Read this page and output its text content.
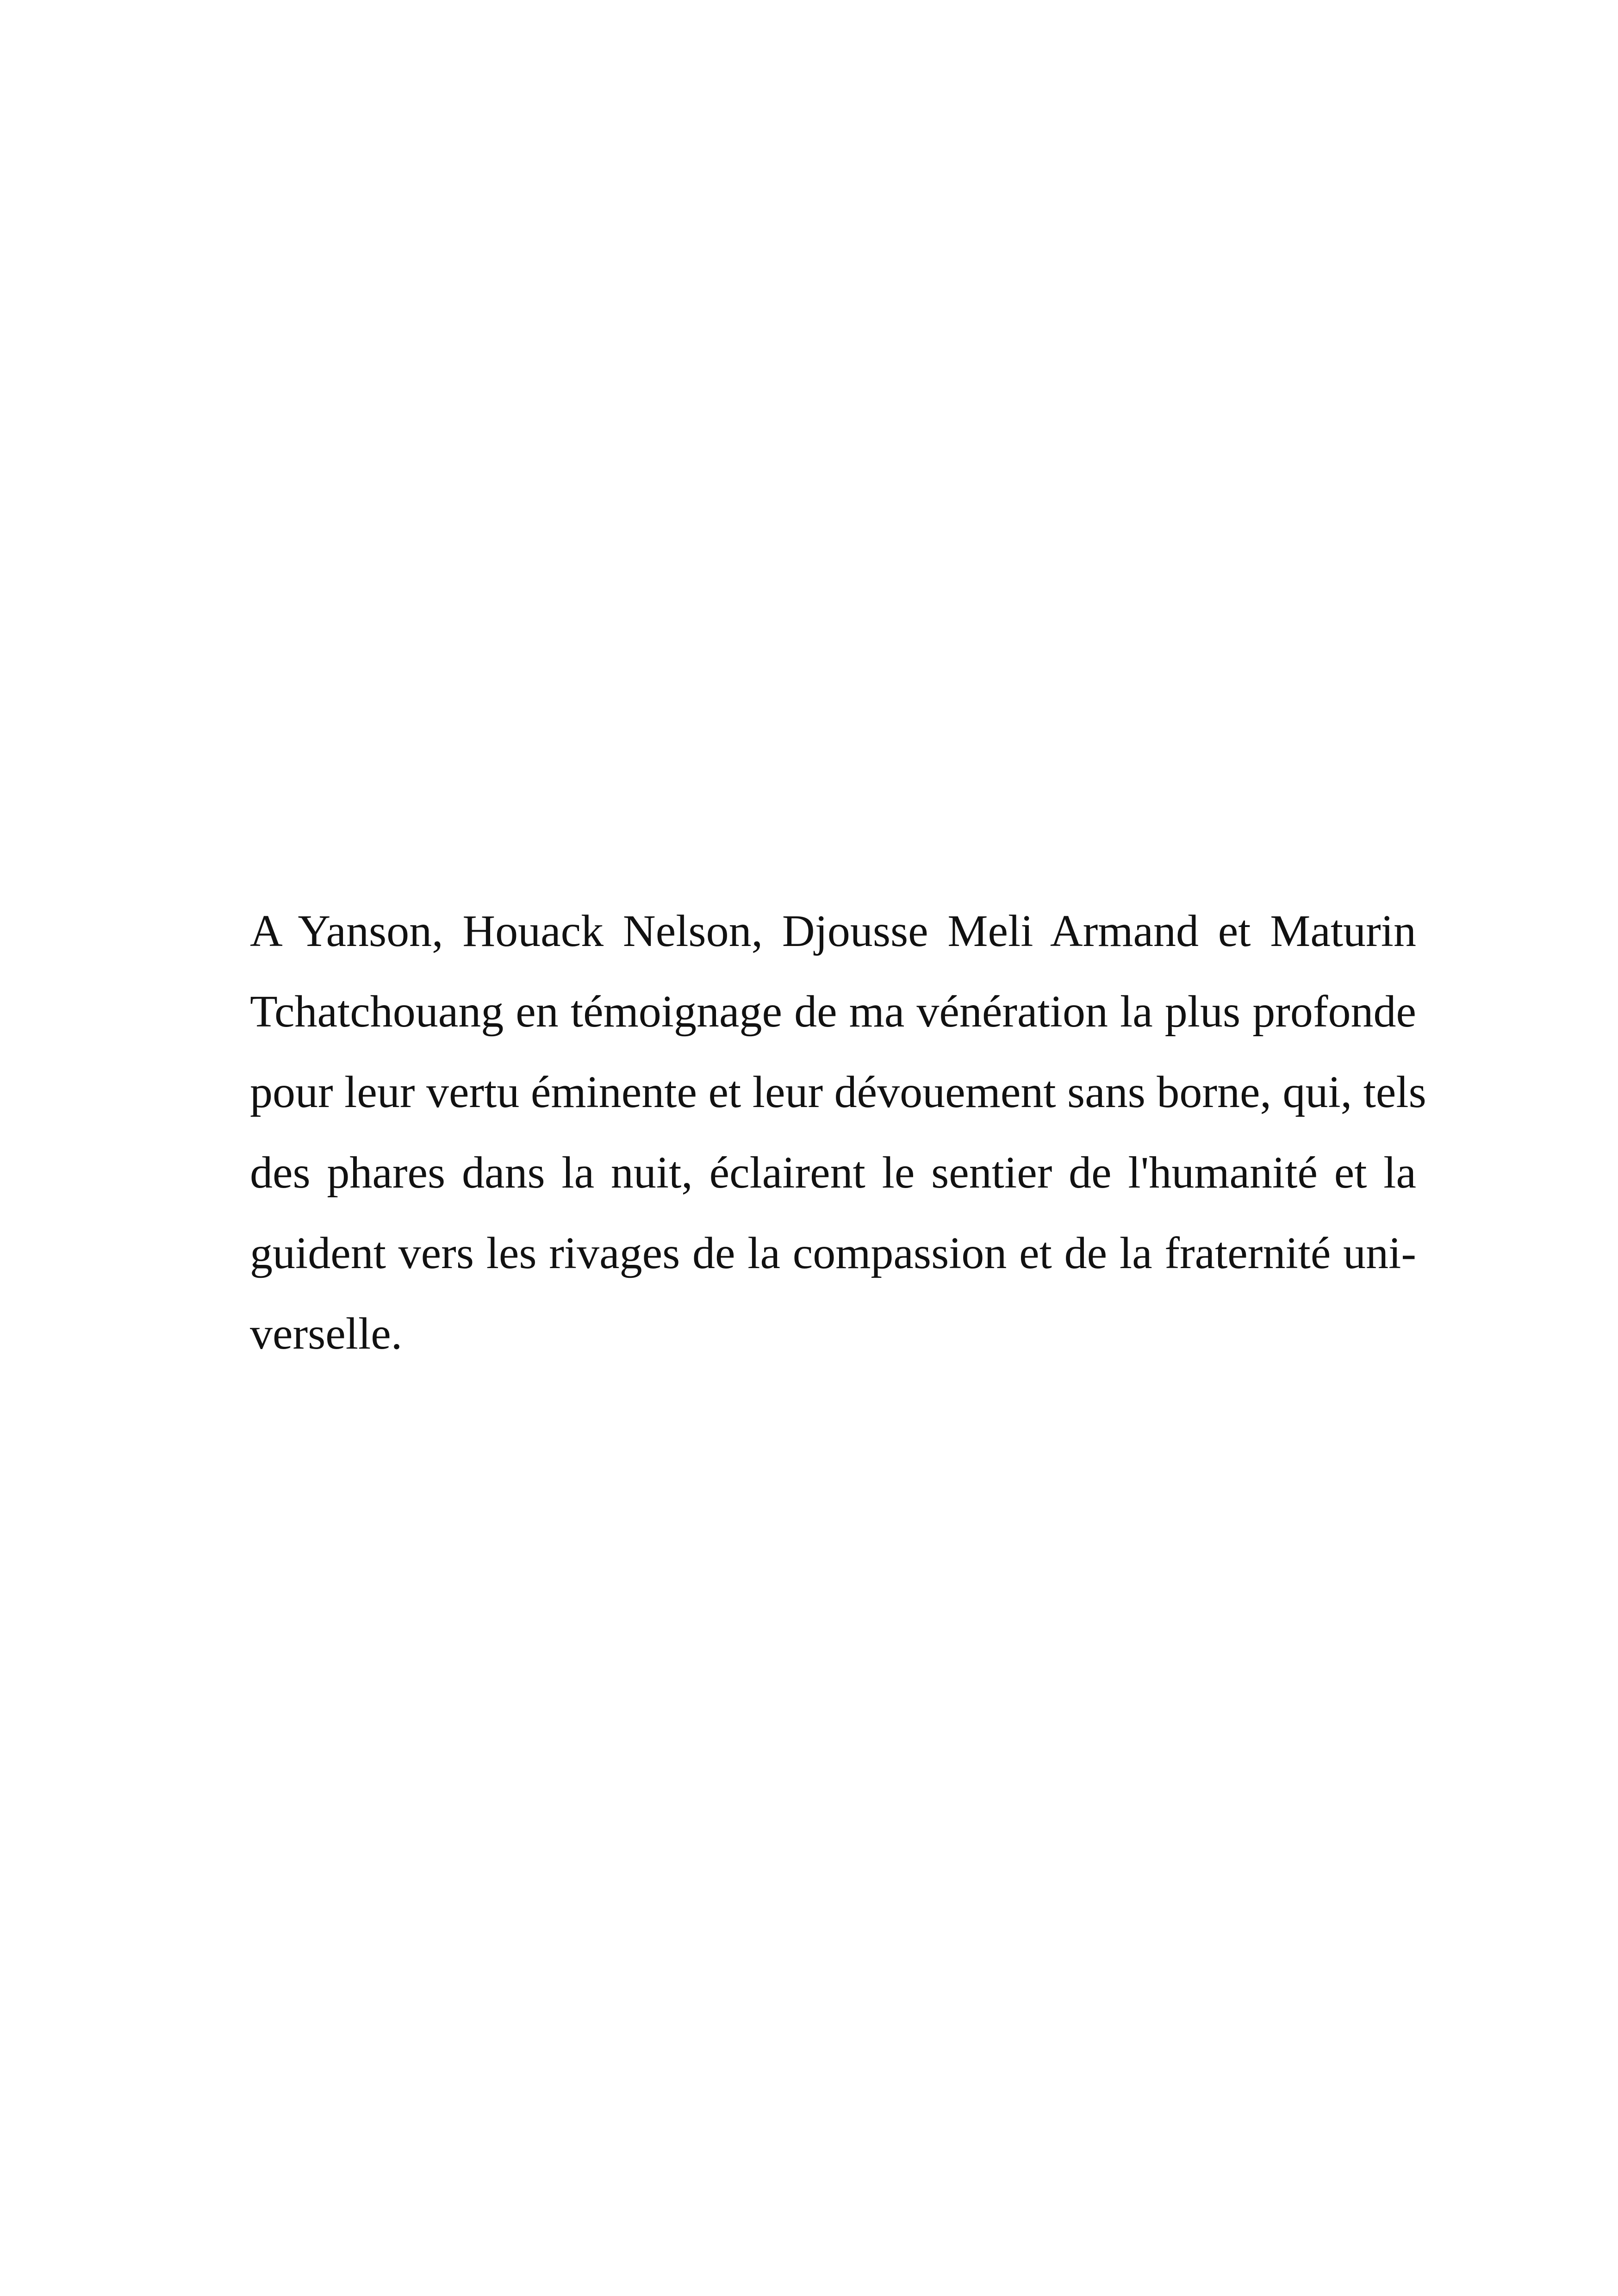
A Yanson, Houack Nelson, Djousse Meli Armand et Maturin
Tchatchouang en témoignage de ma vénération la plus profonde
pour leur vertu éminente et leur dévouement sans borne, qui, tels
des phares dans la nuit, éclairent le sentier de l'humanité et la
guident vers les rivages de la compassion et de la fraternité uni-
verselle.
